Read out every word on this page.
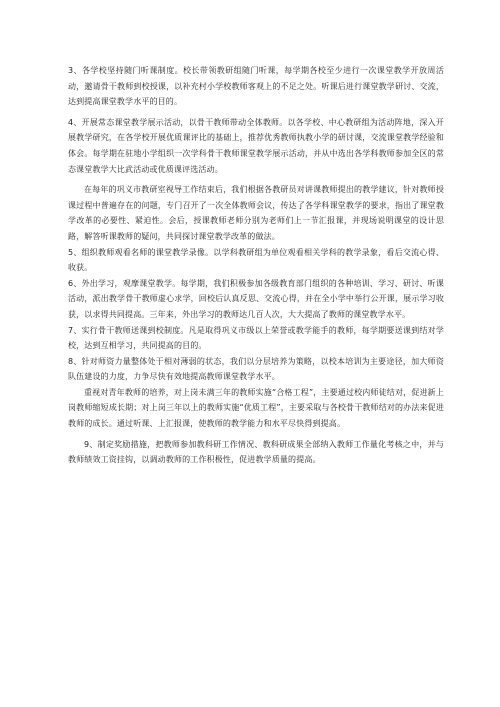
3、各学校坚持随门听课制度。校长带领教研组随门听课，每学期各校至少进行一次课堂教学开放周活动，邀请骨干教师到校授课，以补充村小学校教师客观上的不足之处。听课后进行课堂教学研讨、交流，达到提高课堂教学水平的目的。

4、开展常态课堂教学展示活动，以骨干教师带动全体教师。以各学校、中心教研组为活动阵地，深入开展教学研究，在各学校开展优质课评比的基础上，推荐优秀教师执教小学的研讨课，交流课堂教学经验和体会。每学期在驻地小学组织一次学科骨干教师课堂教学展示活动，并从中选出各学科教师参加全区的常态课堂教学大比武活动或优质课评选活动。

在每年的巩义市教研室视导工作结束后，我们根据各教研员对讲课教师提出的教学建议，针对教师授课过程中普遍存在的问题，专门召开了一次全体教师会议，传达了各学科课堂教学的要求，指出了课堂教学改革的必要性、紧迫性。会后，授课教师老师分别为老师们上一节汇报课，并现场说明课堂的设计思路，解答听课教师的疑问，共同探讨课堂教学改革的做法。

5、组织教师观看名师的课堂教学录像。以学科教研组为单位观看相关学科的教学录象，看后交流心得、收获。

6、外出学习，观摩课堂教学。每学期，我们积极参加各级教育部门组织的各种培训、学习、研讨、听课活动，派出教学骨干教师虚心求学，回校后认真反思、交流心得，并在全小学中举行公开课，展示学习收获，以求得共同提高。三年来，外出学习的教师达几百人次，大大提高了教师的课堂教学水平。

7、实行骨干教师送课到校制度。凡是取得巩义市级以上荣誉或教学能手的教师，每学期要送课到结对学校，达到互相学习，共同提高的目的。

8、针对师资力量整体处于相对薄弱的状态，我们以分层培养为策略，以校本培训为主要途径，加大师资队伍建设的力度，力争尽快有效地提高教师课堂教学水平。

重视对青年教师的培养，对上岗未满三年的教师实施“合格工程”，主要通过校内师徒结对，促进新上岗教师缩短成长期；对上岗三年以上的教师实施“优质工程”，主要采取与各校骨干教师结对的办法来促进教师的成长。通过听课、上汇报课，使教师的教学能力和水平尽快得到提高。

9、制定奖励措施，把教师参加教科研工作情况、教科研成果全部纳入教师工作量化考核之中，并与教师绩效工资挂钩，以调动教师的工作积极性，促进教学质量的提高。
